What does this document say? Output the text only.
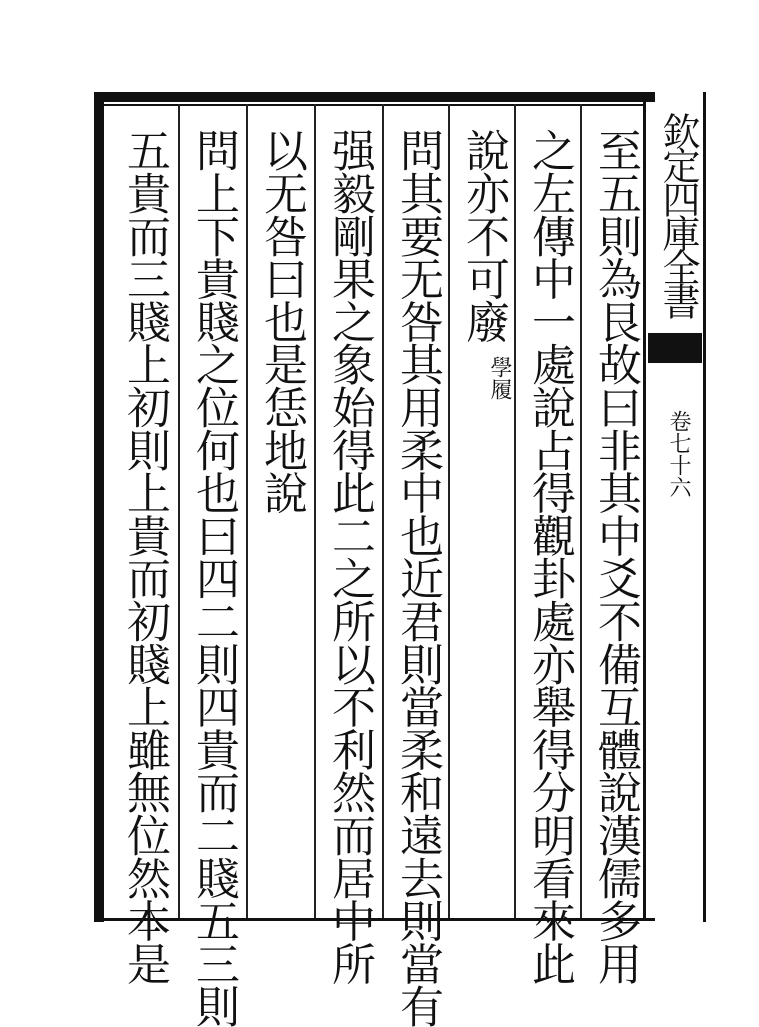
欽定四庫全書
卷七十六
至五則為艮故曰非其中爻不備互體說漢儒多用
之左傳中一處說占得觀卦處亦舉得分明看來此
說亦不可廢
學履
問其要无咎其用柔中也近君則當柔和遠去則當有
强毅剛果之象始得此二之所以不利然而居中所
以无咎曰也是恁地說
問上下貴賤之位何也曰四二則四貴而二賤五三則
五貴而三賤上初則上貴而初賤上雖無位然本是
